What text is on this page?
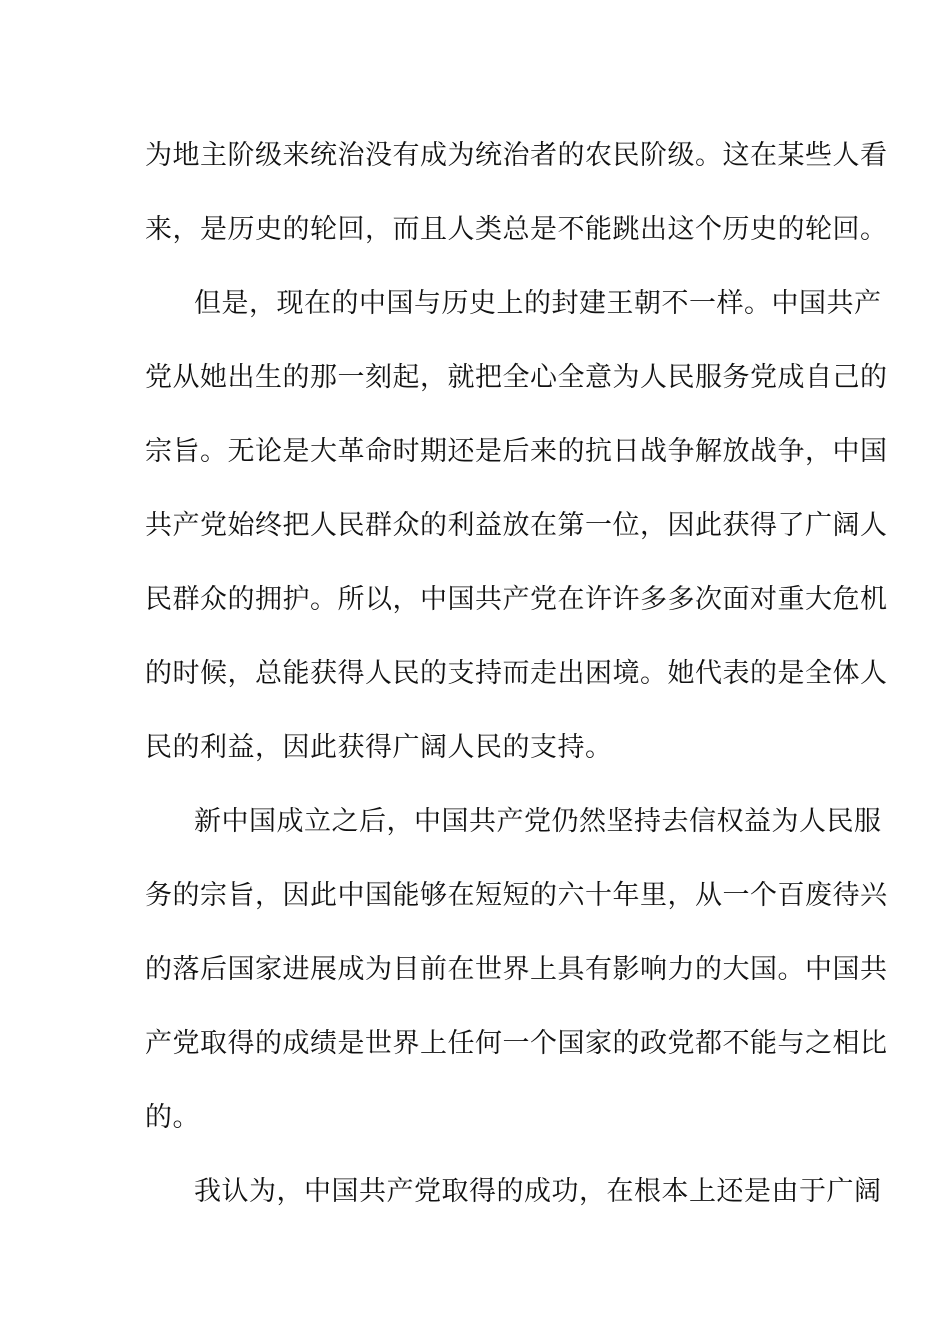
为地主阶级来统治没有成为统治者的农民阶级。这在某些人看
来，是历史的轮回，而且人类总是不能跳出这个历史的轮回。
但是，现在的中国与历史上的封建王朝不一样。中国共产
党从她出生的那一刻起，就把全心全意为人民服务党成自己的
宗旨。无论是大革命时期还是后来的抗日战争解放战争，中国
共产党始终把人民群众的利益放在第一位，因此获得了广阔人
民群众的拥护。所以，中国共产党在许许多多次面对重大危机
的时候，总能获得人民的支持而走出困境。她代表的是全体人
民的利益，因此获得广阔人民的支持。
新中国成立之后，中国共产党仍然坚持去信权益为人民服
务的宗旨，因此中国能够在短短的六十年里，从一个百废待兴
的落后国家进展成为目前在世界上具有影响力的大国。中国共
产党取得的成绩是世界上任何一个国家的政党都不能与之相比
的。
我认为，中国共产党取得的成功，在根本上还是由于广阔
